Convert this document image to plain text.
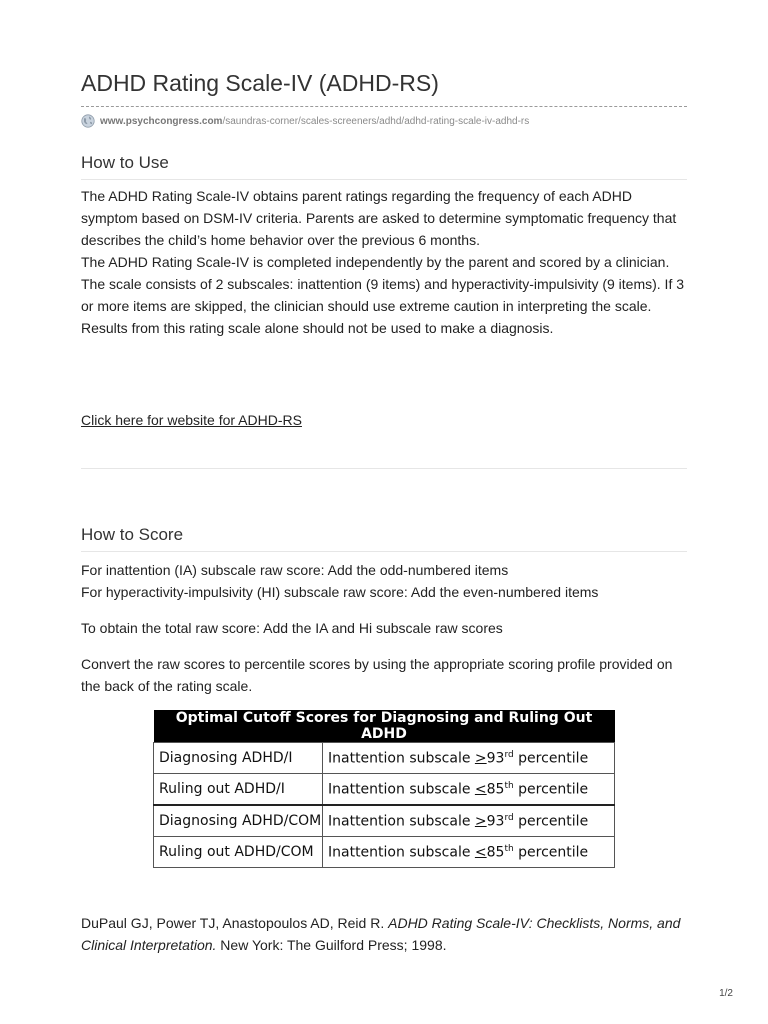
ADHD Rating Scale-IV (ADHD-RS)
www.psychcongress.com /saundras-corner/scales-screeners/adhd/adhd-rating-scale-iv-adhd-rs
How to Use

The ADHD Rating Scale-IV obtains parent ratings regarding the frequency of each ADHD symptom based on DSM-IV criteria. Parents are asked to determine symptomatic frequency that describes the child’s home behavior over the previous 6 months.

The ADHD Rating Scale-IV is completed independently by the parent and scored by a clinician. The scale consists of 2 subscales: inattention (9 items) and hyperactivity-impulsivity (9 items). If 3 or more items are skipped, the clinician should use extreme caution in interpreting the scale. Results from this rating scale alone should not be used to make a diagnosis.

Click here for website for ADHD-RS
How to Score
For inattention (IA) subscale raw score: Add the odd-numbered items
For hyperactivity-impulsivity (HI) subscale raw score: Add the even-numbered items
To obtain the total raw score: Add the IA and Hi subscale raw scores
Convert the raw scores to percentile scores by using the appropriate scoring profile provided on the back of the rating scale.
Optimal Cutoff Scores for Diagnosing and Ruling Out ADHD	
Diagnosing ADHD/I	Inattention subscale >93rd percentile
Ruling out ADHD/I	Inattention subscale <85th percentile
Diagnosing ADHD/COM	Inattention subscale >93rd percentile
Ruling out ADHD/COM	Inattention subscale <85th percentile

DuPaul GJ, Power TJ, Anastopoulos AD, Reid R. ADHD Rating Scale-IV: Checklists, Norms, and Clinical Interpretation. New York: The Guilford Press; 1998.

1/2
